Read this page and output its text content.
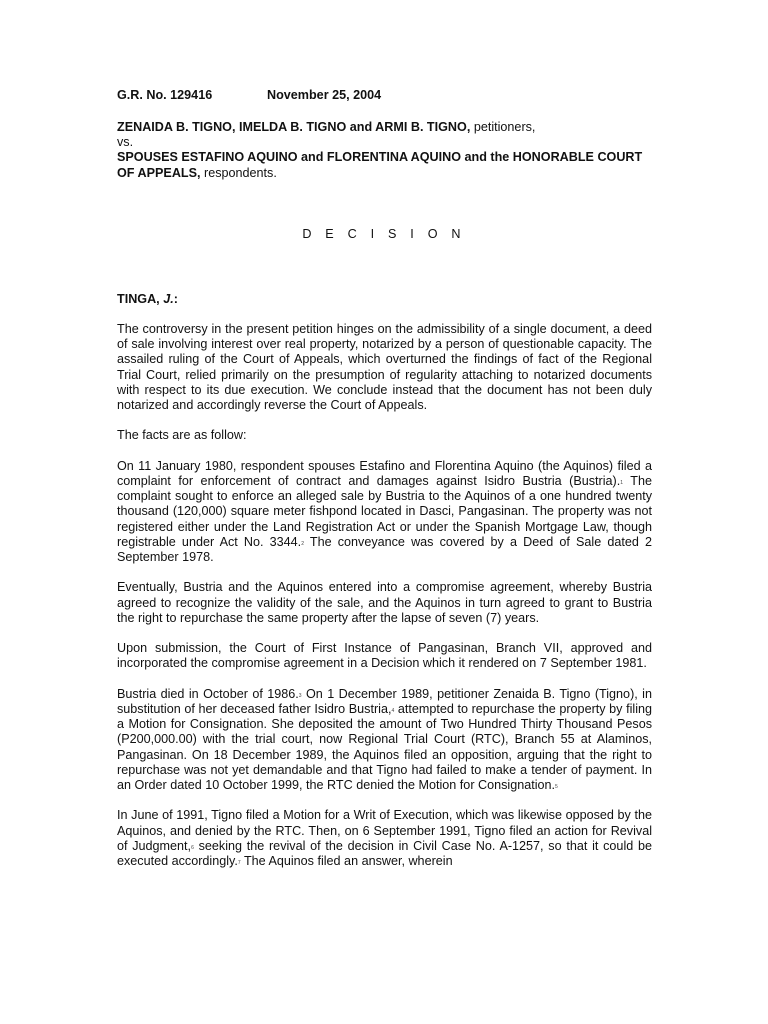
G.R. No. 129416	November 25, 2004
ZENAIDA B. TIGNO, IMELDA B. TIGNO and ARMI B. TIGNO, petitioners,
vs.
SPOUSES ESTAFINO AQUINO and FLORENTINA AQUINO and the HONORABLE COURT OF APPEALS, respondents.
D E C I S I O N
TINGA, J.:

The controversy in the present petition hinges on the admissibility of a single document, a deed of sale involving interest over real property, notarized by a person of questionable capacity. The assailed ruling of the Court of Appeals, which overturned the findings of fact of the Regional Trial Court, relied primarily on the presumption of regularity attaching to notarized documents with respect to its due execution. We conclude instead that the document has not been duly notarized and accordingly reverse the Court of Appeals.

The facts are as follow:

On 11 January 1980, respondent spouses Estafino and Florentina Aquino (the Aquinos) filed a complaint for enforcement of contract and damages against Isidro Bustria (Bustria).$^1$ The complaint sought to enforce an alleged sale by Bustria to the Aquinos of a one hundred twenty thousand (120,000) square meter fishpond located in Dasci, Pangasinan. The property was not registered either under the Land Registration Act or under the Spanish Mortgage Law, though registrable under Act No. 3344.$^2$ The conveyance was covered by a Deed of Sale dated 2 September 1978.

Eventually, Bustria and the Aquinos entered into a compromise agreement, whereby Bustria agreed to recognize the validity of the sale, and the Aquinos in turn agreed to grant to Bustria the right to repurchase the same property after the lapse of seven (7) years.

Upon submission, the Court of First Instance of Pangasinan, Branch VII, approved and incorporated the compromise agreement in a Decision which it rendered on 7 September 1981.

Bustria died in October of 1986.$^3$ On 1 December 1989, petitioner Zenaida B. Tigno (Tigno), in substitution of her deceased father Isidro Bustria,$^4$ attempted to repurchase the property by filing a Motion for Consignation. She deposited the amount of Two Hundred Thirty Thousand Pesos (P200,000.00) with the trial court, now Regional Trial Court (RTC), Branch 55 at Alaminos, Pangasinan. On 18 December 1989, the Aquinos filed an opposition, arguing that the right to repurchase was not yet demandable and that Tigno had failed to make a tender of payment. In an Order dated 10 October 1999, the RTC denied the Motion for Consignation.$^5$

In June of 1991, Tigno filed a Motion for a Writ of Execution, which was likewise opposed by the Aquinos, and denied by the RTC. Then, on 6 September 1991, Tigno filed an action for Revival of Judgment,$^6$ seeking the revival of the decision in Civil Case No. A-1257, so that it could be executed accordingly.$^7$ The Aquinos filed an answer, wherein
